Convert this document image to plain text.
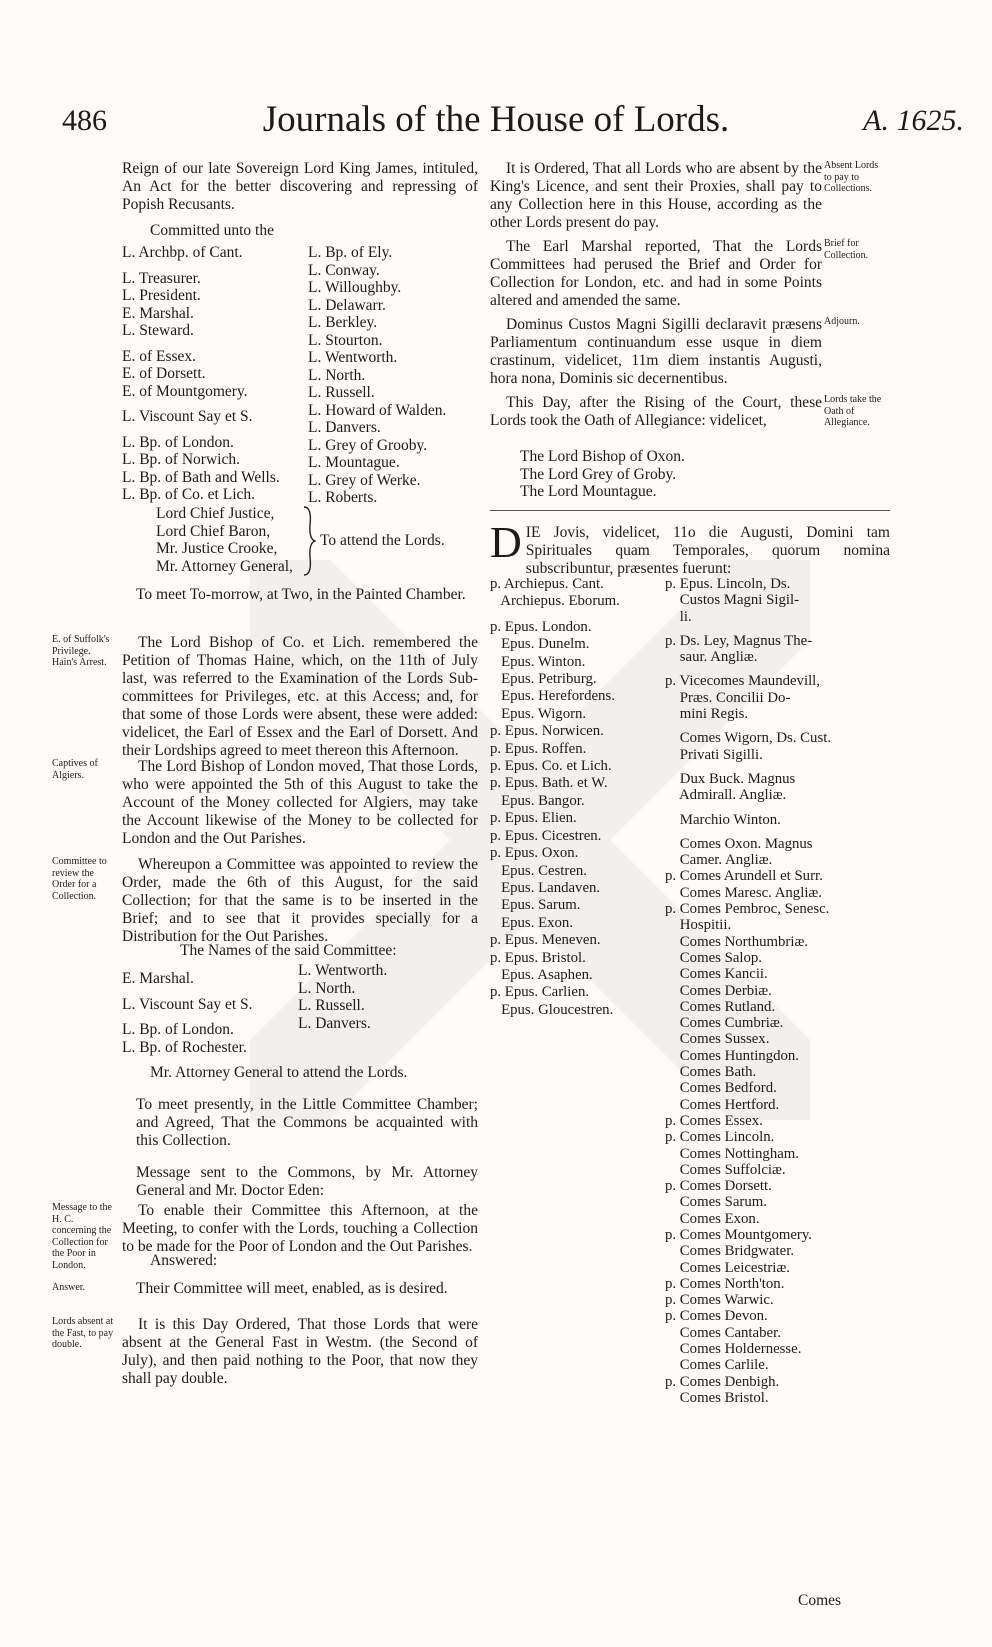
486	Journals of the House of Lords.	A. 1625.

Reign of our late Sovereign Lord King James, intituled, An Act for the better discovering and repressing of Popish Recusants.

Committed unto the
L. Archbp. of Cant.
L. Treasurer.
L. President.
E. Marshal.
L. Steward.
E. of Essex.
E. of Dorsett.
E. of Mountgomery.
L. Viscount Say et S.
L. Bp. of London.
L. Bp. of Norwich.
L. Bp. of Bath and Wells.
L. Bp. of Co. et Lich.
L. Bp. of Ely.
L. Conway.
L. Willoughby.
L. Delawarr.
L. Berkley.
L. Stourton.
L. Wentworth.
L. North.
L. Russell.
L. Howard of Walden.
L. Danvers.
L. Grey of Grooby.
L. Mountague.
L. Grey of Werke.
L. Roberts.
Lord Chief Justice,
Lord Chief Baron,
Mr. Justice Crooke,
Mr. Attorney General,
To attend the Lords.

To meet To-morrow, at Two, in the Painted Chamber.

E. of Suffolk's Privilege. Hain's Arrest.

The Lord Bishop of Co. et Lich. remembered the Petition of Thomas Haine, which, on the 11th of July last, was referred to the Examination of the Lords Sub-committees for Privileges, etc. at this Access; and, for that some of those Lords were absent, these were added: videlicet, the Earl of Essex and the Earl of Dorsett. And their Lordships agreed to meet thereon this Afternoon.

Captives of Algiers.	The Lord Bishop of London moved, That those Lords, who were appointed the 5th of this August to take the Account of the Money collected for Algiers, may take the Account likewise of the Money to be collected for London and the Out Parishes.

Committee to review the Order for a Collection.

Whereupon a Committee was appointed to review the Order, made the 6th of this August, for the said Collection; for that the same is to be inserted in the Brief; and to see that it provides specially for a Distribution for the Out Parishes.

The Names of the said Committee:
E. Marshal.
L. Viscount Say et S.
L. Bp. of London.
L. Bp. of Rochester.
L. Wentworth.
L. North.
L. Russell.
L. Danvers.
Mr. Attorney General to attend the Lords.

To meet presently, in the Little Committee Chamber; and Agreed, That the Commons be acquainted with this Collection.

Message sent to the Commons, by Mr. Attorney General and Mr. Doctor Eden:

Message to the H. C. concerning the Collection for the Poor in London.

To enable their Committee this Afternoon, at the Meeting, to confer with the Lords, touching a Collection to be made for the Poor of London and the Out Parishes.

Answered:
Answer.	Their Committee will meet, enabled, as is desired.
Lords absent at the Fast, to pay double.

It is this Day Ordered, That those Lords that were absent at the General Fast in Westm. (the Second of July), and then paid nothing to the Poor, that now they shall pay double.

It is Ordered, That all Lords who are absent by the King's Licence, and sent their Proxies, shall pay to any Collection here in this House, according as the other Lords present do pay.

Absent Lords to pay to Collections.

The Earl Marshal reported, That the Lords Committees had perused the Brief and Order for Collection for London, etc. and had in some Points altered and amended the same.

Brief for Collection.

Dominus Custos Magni Sigilli declaravit præsens Parliamentum continuandum esse usque in diem crastinum, videlicet, 11m diem instantis Augusti, hora nona, Dominis sic decernentibus.

Adjourn.

This Day, after the Rising of the Court, these Lords took the Oath of Allegiance: videlicet,

Lords take the Oath of Allegiance.
The Lord Bishop of Oxon.
The Lord Grey of Groby.
The Lord Mountague.

DIE Jovis, videlicet, 11o die Augusti, Domini tam Spirituales quam Temporales, quorum nomina subscribuntur, præsentes fuerunt:

p. Archiepus. Cant.
Archiepus. Eborum.
p. Epus. London.
Epus. Dunelm.
Epus. Winton.
Epus. Petriburg.
Epus. Herefordens.
Epus. Wigorn.
p. Epus. Norwicen.
p. Epus. Roffen.
p. Epus. Co. et Lich.
p. Epus. Bath. et W.
Epus. Bangor.
p. Epus. Elien.
p. Epus. Cicestren.
p. Epus. Oxon.
Epus. Cestren.
Epus. Landaven.
Epus. Sarum.
Epus. Exon.
p. Epus. Meneven.
p. Epus. Bristol.
Epus. Asaphen.
p. Epus. Carlien.
Epus. Gloucestren.
p. Epus. Lincoln, Ds.
Custos Magni Sigil-
li.
p. Ds. Ley, Magnus The-
saur. Angliæ.
p. Vicecomes Maundevill,
Præs. Concilii Do-
mini Regis.
Comes Wigorn, Ds. Cust.
Privati Sigilli.
Dux Buck. Magnus
Admirall. Angliæ.
Marchio Winton.
Comes Oxon. Magnus
Camer. Angliæ.
p. Comes Arundell et Surr.
Comes Maresc. Angliæ.
p. Comes Pembroc, Senesc.
Hospitii.
Comes Northumbriæ.
Comes Salop.
Comes Kancii.
Comes Derbiæ.
Comes Rutland.
Comes Cumbriæ.
Comes Sussex.
Comes Huntingdon.
Comes Bath.
Comes Bedford.
Comes Hertford.
p. Comes Essex.
p. Comes Lincoln.
Comes Nottingham.
Comes Suffolciæ.
p. Comes Dorsett.
Comes Sarum.
Comes Exon.
p. Comes Mountgomery.
Comes Bridgwater.
Comes Leicestriæ.
p. Comes North'ton.
p. Comes Warwic.
p. Comes Devon.
Comes Cantaber.
Comes Holdernesse.
Comes Carlile.
p. Comes Denbigh.
Comes Bristol.
Comes
